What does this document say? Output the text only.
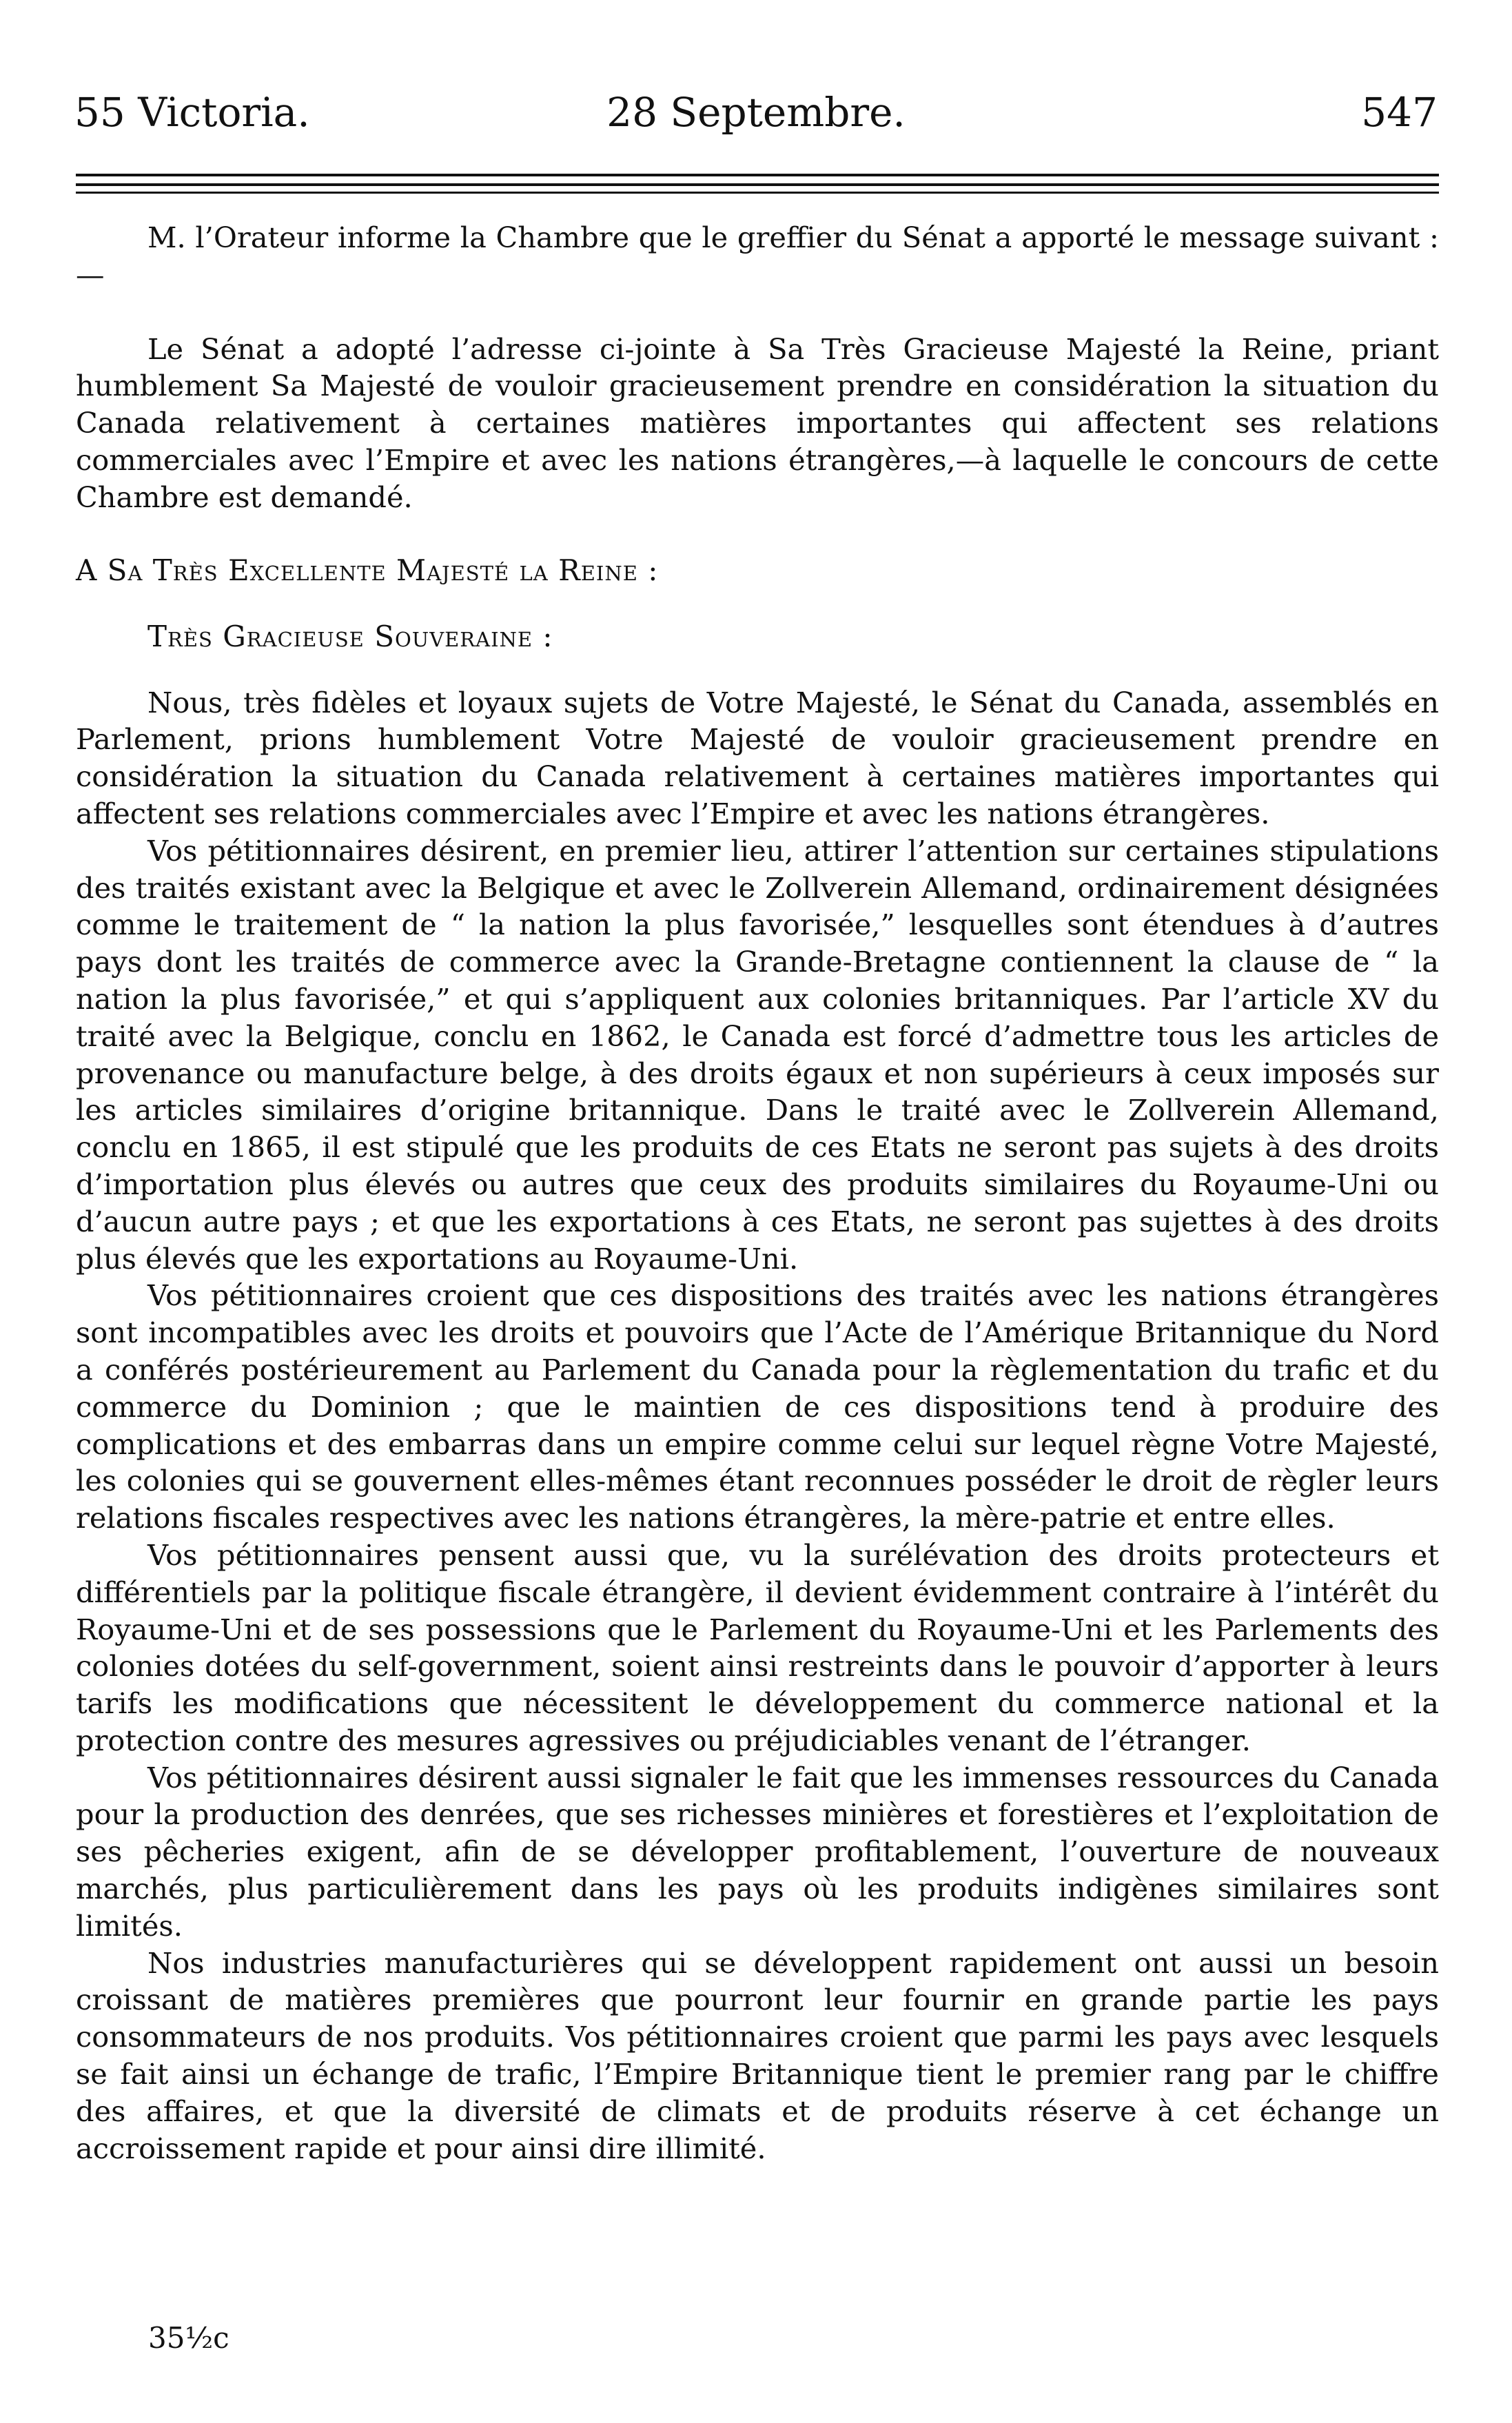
55 Victoria.	28 Septembre.	547

M. l’Orateur informe la Chambre que le greffier du Sénat a apporté le message suivant :—

Le Sénat a adopté l’adresse ci-jointe à Sa Très Gracieuse Majesté la Reine, priant humblement Sa Majesté de vouloir gracieusement prendre en considération la situation du Canada relativement à certaines matières importantes qui affectent ses relations commerciales avec l’Empire et avec les nations étrangères,—à laquelle le concours de cette Chambre est demandé.

A Sa Très Excellente Majesté la Reine :
Très Gracieuse Souveraine :

Nous, très fidèles et loyaux sujets de Votre Majesté, le Sénat du Canada, assemblés en Parlement, prions humblement Votre Majesté de vouloir gracieusement prendre en considération la situation du Canada relativement à certaines matières importantes qui affectent ses relations commerciales avec l’Empire et avec les nations étrangères.

Vos pétitionnaires désirent, en premier lieu, attirer l’attention sur certaines stipulations des traités existant avec la Belgique et avec le Zollverein Allemand, ordinairement désignées comme le traitement de “ la nation la plus favorisée,” lesquelles sont étendues à d’autres pays dont les traités de commerce avec la Grande-Bretagne contiennent la clause de “ la nation la plus favorisée,” et qui s’appliquent aux colonies britanniques. Par l’article XV du traité avec la Belgique, conclu en 1862, le Canada est forcé d’admettre tous les articles de provenance ou manufacture belge, à des droits égaux et non supérieurs à ceux imposés sur les articles similaires d’origine britannique. Dans le traité avec le Zollverein Allemand, conclu en 1865, il est stipulé que les produits de ces Etats ne seront pas sujets à des droits d’importation plus élevés ou autres que ceux des produits similaires du Royaume-Uni ou d’aucun autre pays ; et que les exportations à ces Etats, ne seront pas sujettes à des droits plus élevés que les exportations au Royaume-Uni.

Vos pétitionnaires croient que ces dispositions des traités avec les nations étrangères sont incompatibles avec les droits et pouvoirs que l’Acte de l’Amérique Britannique du Nord a conférés postérieurement au Parlement du Canada pour la règlementation du trafic et du commerce du Dominion ; que le maintien de ces dispositions tend à produire des complications et des embarras dans un empire comme celui sur lequel règne Votre Majesté, les colonies qui se gouvernent elles-mêmes étant reconnues posséder le droit de règler leurs relations fiscales respectives avec les nations étrangères, la mère-patrie et entre elles.

Vos pétitionnaires pensent aussi que, vu la surélévation des droits protecteurs et différentiels par la politique fiscale étrangère, il devient évidemment contraire à l’intérêt du Royaume-Uni et de ses possessions que le Parlement du Royaume-Uni et les Parlements des colonies dotées du self-government, soient ainsi restreints dans le pouvoir d’apporter à leurs tarifs les modifications que nécessitent le développement du commerce national et la protection contre des mesures agressives ou préjudiciables venant de l’étranger.

Vos pétitionnaires désirent aussi signaler le fait que les immenses ressources du Canada pour la production des denrées, que ses richesses minières et forestières et l’exploitation de ses pêcheries exigent, afin de se développer profitablement, l’ouverture de nouveaux marchés, plus particulièrement dans les pays où les produits indigènes similaires sont limités.

Nos industries manufacturières qui se développent rapidement ont aussi un besoin croissant de matières premières que pourront leur fournir en grande partie les pays consommateurs de nos produits. Vos pétitionnaires croient que parmi les pays avec lesquels se fait ainsi un échange de trafic, l’Empire Britannique tient le premier rang par le chiffre des affaires, et que la diversité de climats et de produits réserve à cet échange un accroissement rapide et pour ainsi dire illimité.

35½c
